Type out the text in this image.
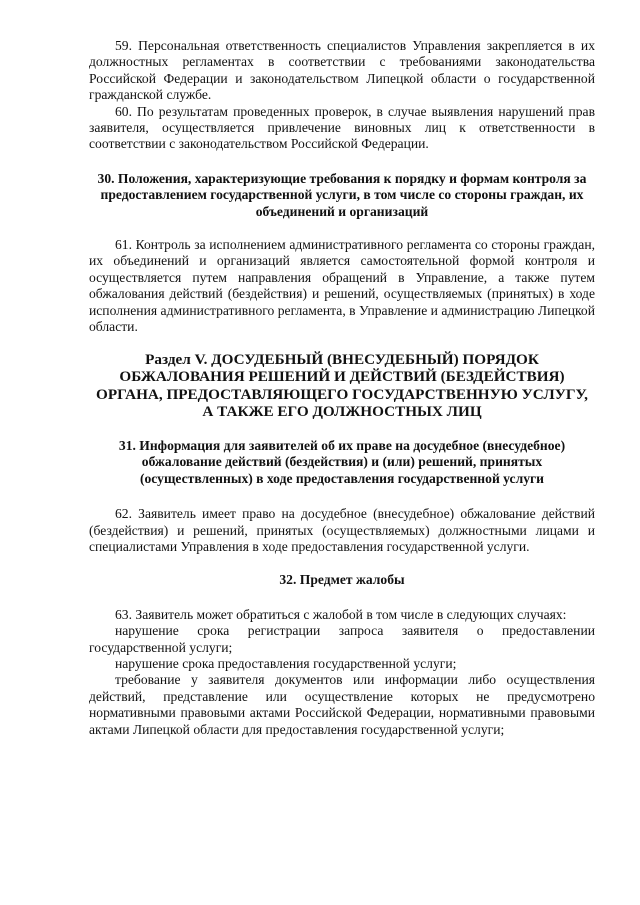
59. Персональная ответственность специалистов Управления закрепляется в их должностных регламентах в соответствии с требованиями законодательства Российской Федерации и законодательством Липецкой области о государственной гражданской службе.

60. По результатам проведенных проверок, в случае выявления нарушений прав заявителя, осуществляется привлечение виновных лиц к ответственности в соответствии с законодательством Российской Федерации.

30. Положения, характеризующие требования к порядку и формам контроля за предоставлением государственной услуги, в том числе со стороны граждан, их объединений и организаций

61. Контроль за исполнением административного регламента со стороны граждан, их объединений и организаций является самостоятельной формой контроля и осуществляется путем направления обращений в Управление, а также путем обжалования действий (бездействия) и решений, осуществляемых (принятых) в ходе исполнения административного регламента, в Управление и администрацию Липецкой области.

Раздел V. ДОСУДЕБНЫЙ (ВНЕСУДЕБНЫЙ) ПОРЯДОК ОБЖАЛОВАНИЯ РЕШЕНИЙ И ДЕЙСТВИЙ (БЕЗДЕЙСТВИЯ) ОРГАНА, ПРЕДОСТАВЛЯЮЩЕГО ГОСУДАРСТВЕННУЮ УСЛУГУ, А ТАКЖЕ ЕГО ДОЛЖНОСТНЫХ ЛИЦ
31. Информация для заявителей об их праве на досудебное (внесудебное) обжалование действий (бездействия) и (или) решений, принятых (осуществленных) в ходе предоставления государственной услуги

62. Заявитель имеет право на досудебное (внесудебное) обжалование действий (бездействия) и решений, принятых (осуществляемых) должностными лицами и специалистами Управления в ходе предоставления государственной услуги.

32. Предмет жалобы

63. Заявитель может обратиться с жалобой в том числе в следующих случаях:

нарушение срока регистрации запроса заявителя о предоставлении государственной услуги;

нарушение срока предоставления государственной услуги;

требование у заявителя документов или информации либо осуществления действий, представление или осуществление которых не предусмотрено нормативными правовыми актами Российской Федерации, нормативными правовыми актами Липецкой области для предоставления государственной услуги;
